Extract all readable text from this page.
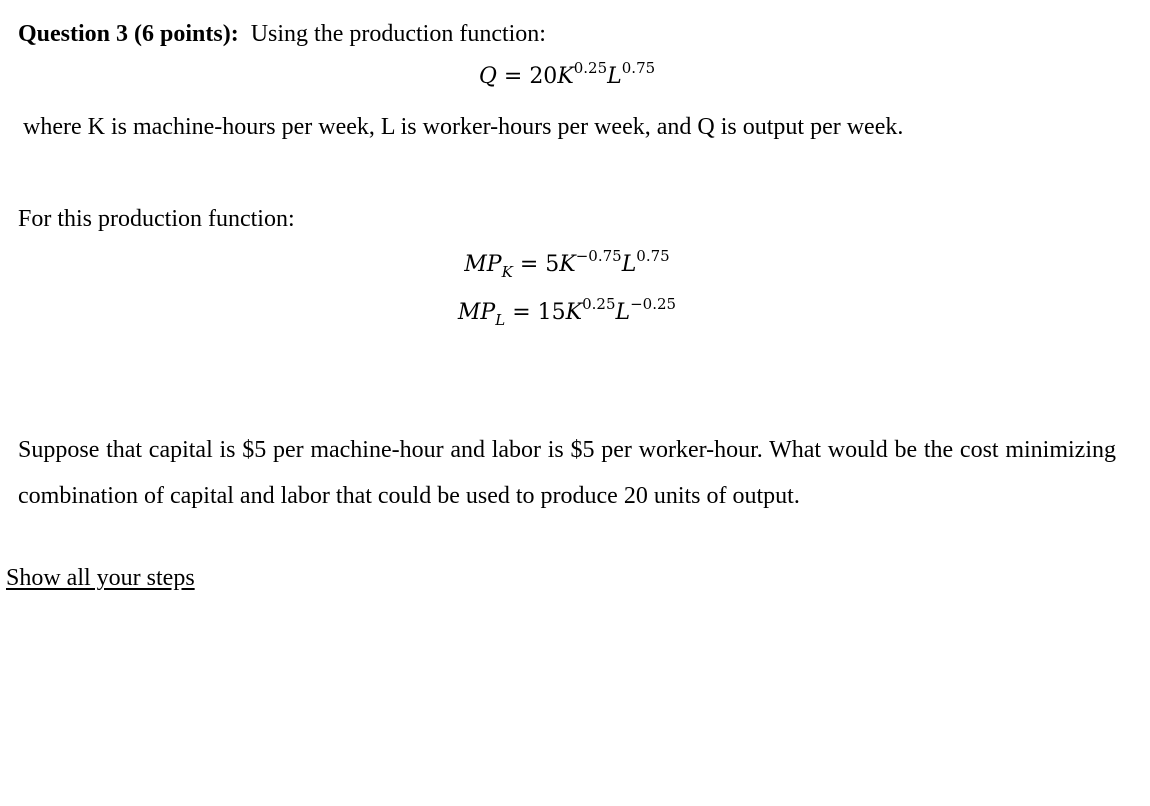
Question 3 (6 points): Using the production function:
$Q = 20K^{0.25}L^{0.75}$
where K is machine-hours per week, L is worker-hours per week, and Q is output per week.
For this production function:
$MP_K = 5K^{-0.75}L^{0.75}$
$MP_L = 15K^{0.25}L^{-0.25}$
Suppose that capital is $5 per machine-hour and labor is $5 per worker-hour. What would be the cost minimizing combination of capital and labor that could be used to produce 20 units of output.
Show all your steps
